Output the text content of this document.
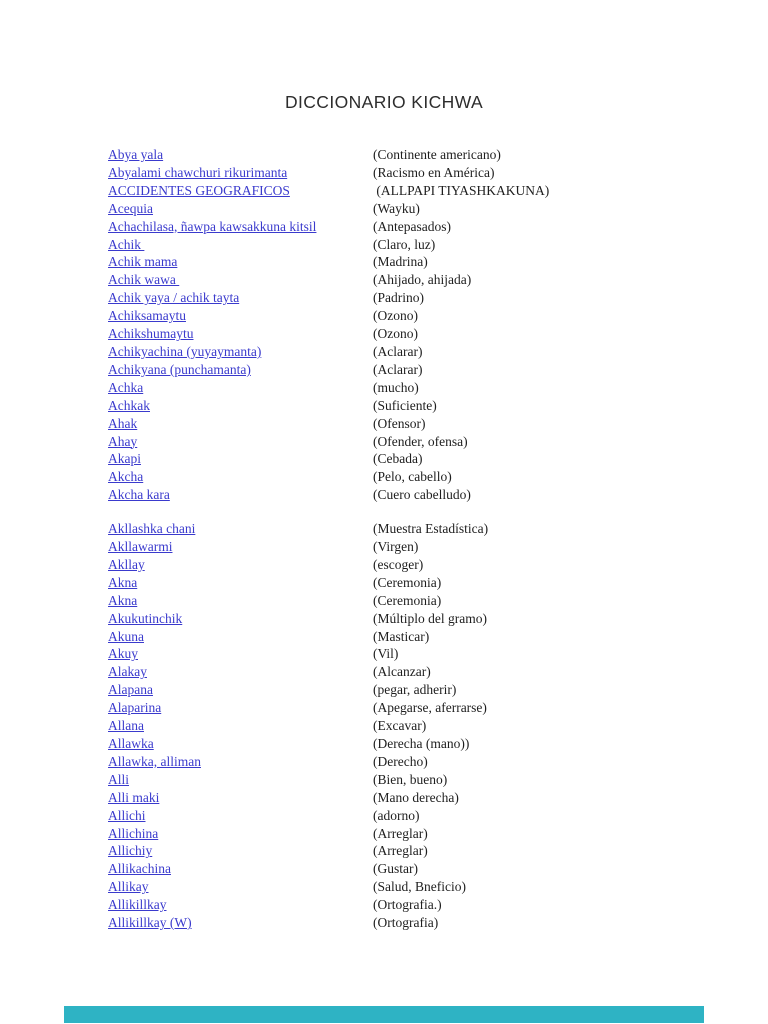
DICCIONARIO KICHWA
Abya yala	(Continente americano)
Abyalami chawchuri rikurimanta	(Racismo en América)
ACCIDENTES GEOGRAFICOS	(ALLPAPI TIYASHKAKUNA)
Acequia	(Wayku)
Achachilasa, ñawpa kawsakkuna kitsil	(Antepasados)
Achik	(Claro, luz)
Achik mama	(Madrina)
Achik wawa	(Ahijado, ahijada)
Achik yaya / achik tayta	(Padrino)
Achiksamaytu	(Ozono)
Achikshumaytu	(Ozono)
Achikyachina (yuyaymanta)	(Aclarar)
Achikyana (punchamanta)	(Aclarar)
Achka	(mucho)
Achkak	(Suficiente)
Ahak	(Ofensor)
Ahay	(Ofender, ofensa)
Akapi	(Cebada)
Akcha	(Pelo, cabello)
Akcha kara	(Cuero cabelludo)
Akllashka chani	(Muestra Estadística)
Akllawarmi	(Virgen)
Akllay	(escoger)
Akna	(Ceremonia)
Akna	(Ceremonia)
Akukutinchik	(Múltiplo del gramo)
Akuna	(Masticar)
Akuy	(Vil)
Alakay	(Alcanzar)
Alapana	(pegar, adherir)
Alaparina	(Apegarse, aferrarse)
Allana	(Excavar)
Allawka	(Derecha (mano))
Allawka, alliman	(Derecho)
Alli	(Bien, bueno)
Alli maki	(Mano derecha)
Allichi	(adorno)
Allichina	(Arreglar)
Allichiy	(Arreglar)
Allikachina	(Gustar)
Allikay	(Salud, Bneficio)
Allikillkay	(Ortografia.)
Allikillkay (W)	(Ortografia)
